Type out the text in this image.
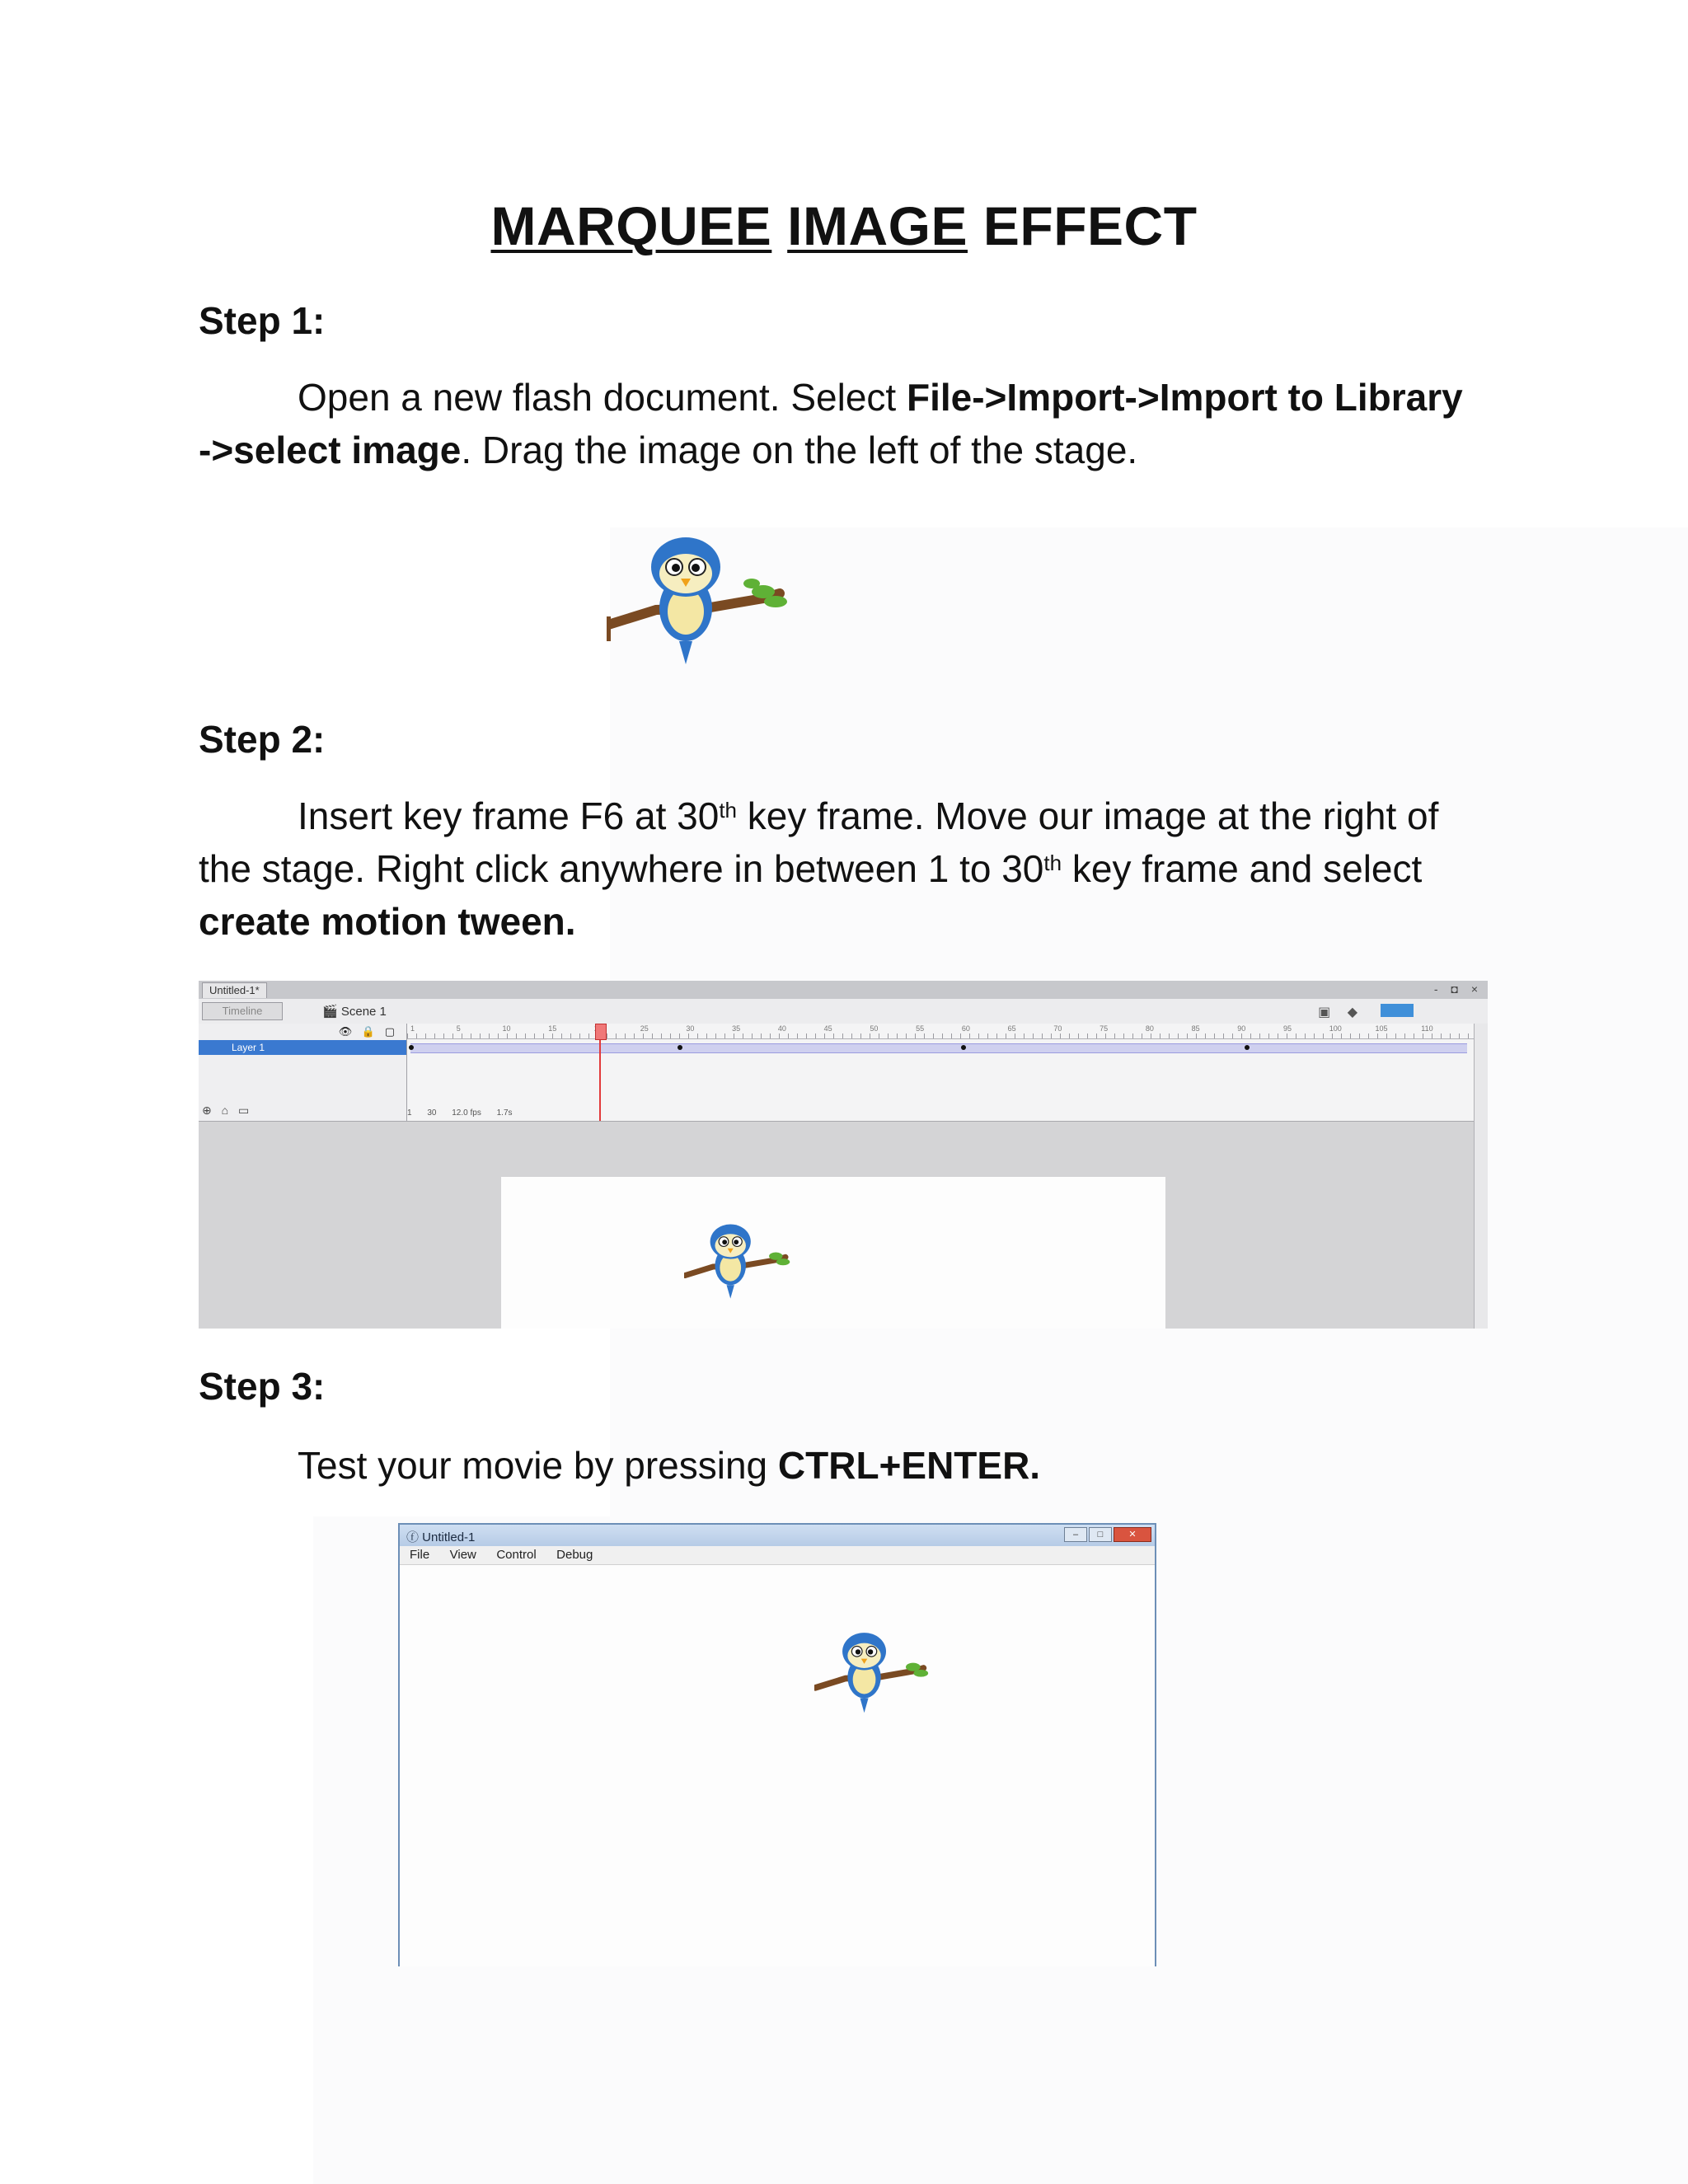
MARQUEE IMAGE EFFECT

Step 1:

Open a new flash document. Select File->Import->Import to Library ->select image. Drag the image on the left of the stage.

Step 2:

Insert key frame F6 at 30th key frame. Move our image at the right of the stage. Right click anywhere in between 1 to 30th key frame and select create motion tween.

Untitled-1*	- ◘ ×
Timeline	🎬 Scene 1	▣ ◆
👁 🔒 ▢
Layer 1
⊕ ⌂ ▭
1	5	10	15	25	30	35	40	45	50	55	60	65	70	75	80	85	90	95	100	105	110
1 30 12.0 fps 1.7s

Step 3:

Test your movie by pressing CTRL+ENTER.

ⓕ Untitled-1	– □	✕
File View Control Debug
